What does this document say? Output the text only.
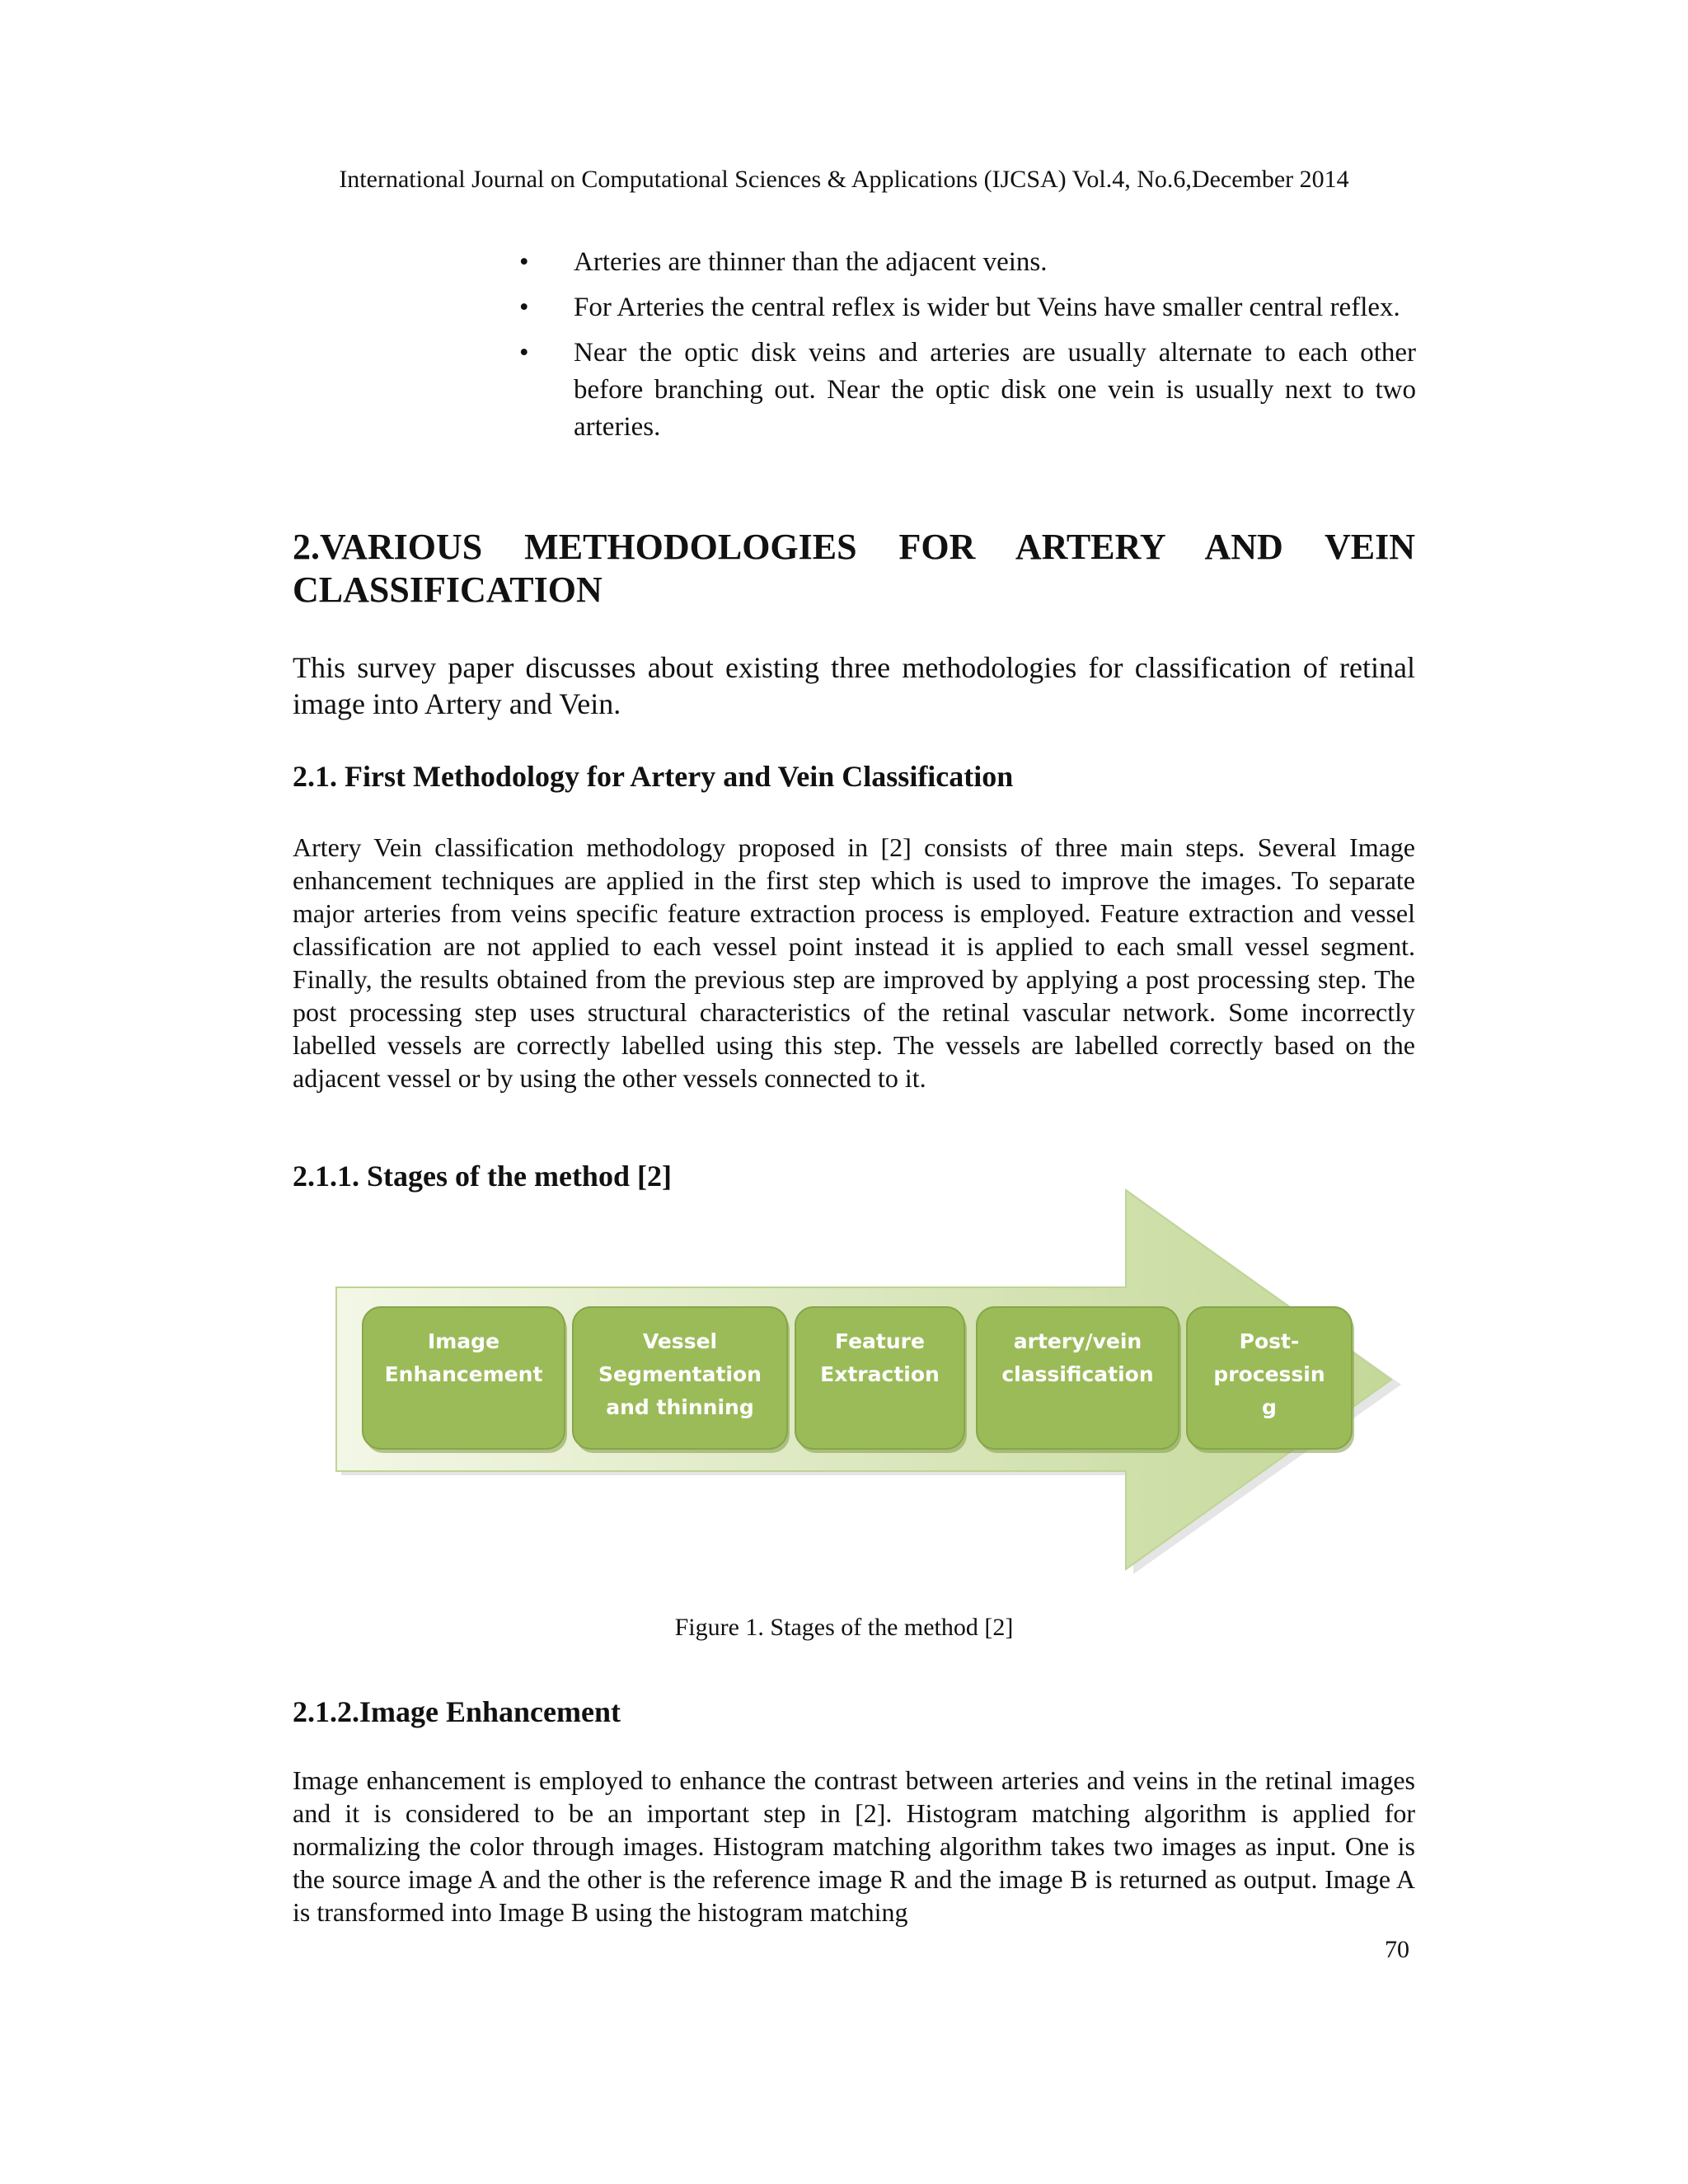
International Journal on Computational Sciences & Applications (IJCSA) Vol.4, No.6,December 2014
• Arteries are thinner than the adjacent veins.
• For Arteries the central reflex is wider but Veins have smaller central reflex.
• Near the optic disk veins and arteries are usually alternate to each other before branching out. Near the optic disk one vein is usually next to two arteries.
2.VARIOUS METHODOLOGIES FOR ARTERY AND VEIN
CLASSIFICATION
This survey paper discusses about existing three methodologies for classification of retinal image into Artery and Vein.
2.1. First Methodology for Artery and Vein Classification
Artery Vein classification methodology proposed in [2] consists of three main steps. Several Image enhancement techniques are applied in the first step which is used to improve the images. To separate major arteries from veins specific feature extraction process is employed. Feature extraction and vessel classification are not applied to each vessel point instead it is applied to each small vessel segment. Finally, the results obtained from the previous step are improved by applying a post processing step. The post processing step uses structural characteristics of the retinal vascular network. Some incorrectly labelled vessels are correctly labelled using this step. The vessels are labelled correctly based on the adjacent vessel or by using the other vessels connected to it.
2.1.1. Stages of the method [2]
Image Enhancement
Vessel Segmentation and thinning
Feature Extraction
artery/vein classification
Post-processin g
Figure 1. Stages of the method [2]
2.1.2.Image Enhancement
Image enhancement is employed to enhance the contrast between arteries and veins in the retinal images and it is considered to be an important step in [2]. Histogram matching algorithm is applied for normalizing the color through images. Histogram matching algorithm takes two images as input. One is the source image A and the other is the reference image R and the image B is returned as output. Image A is transformed into Image B using the histogram matching
70
